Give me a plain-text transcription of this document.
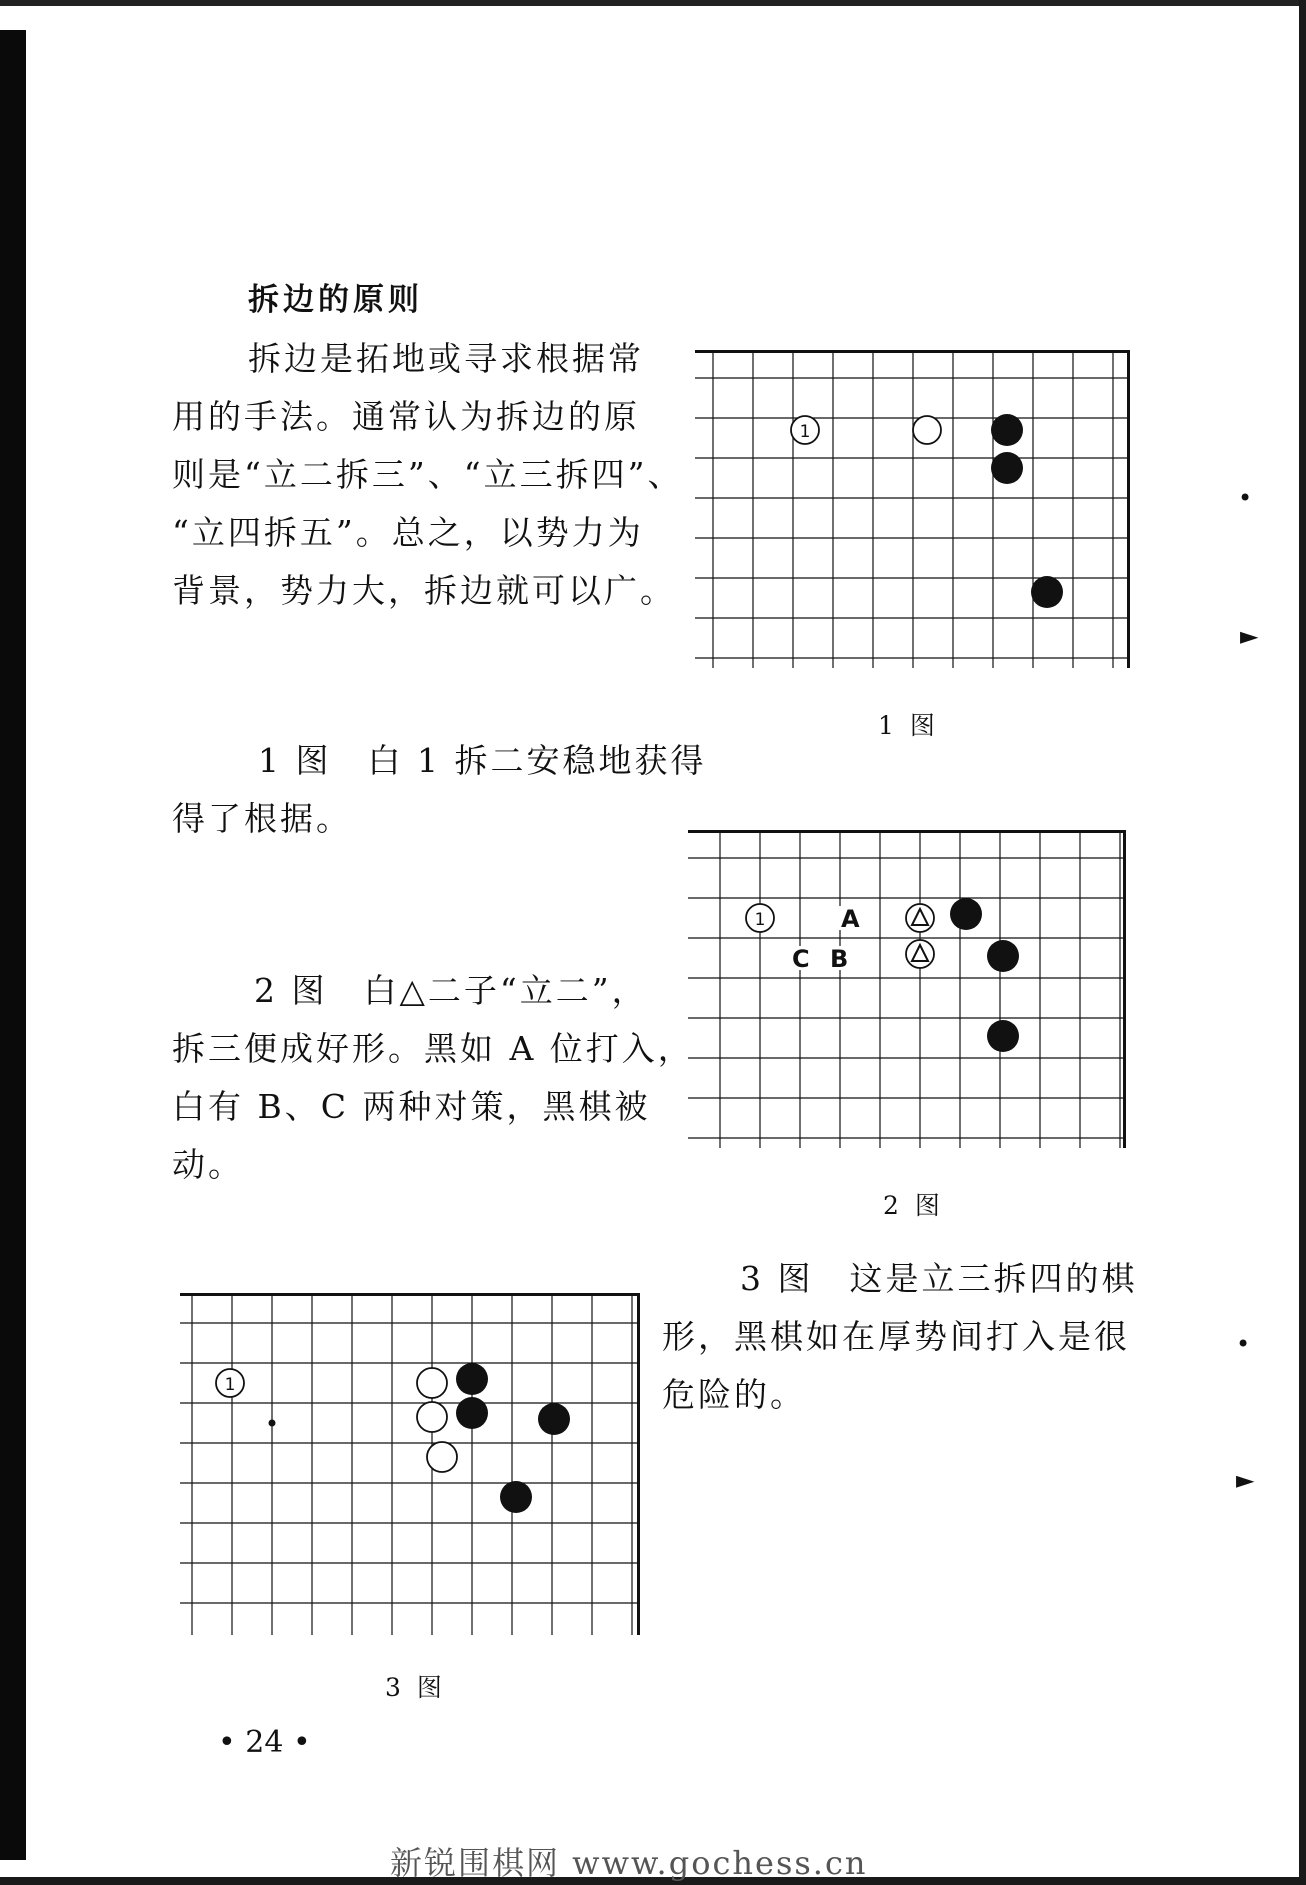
拆边的原则

拆边是拓地或寻求根据常

用的手法。通常认为拆边的原

则是“立二拆三”、“立三拆四”、

“立四拆五”。总之，以势力为

背景，势力大，拆边就可以广。

1
1 图

1 图　白 1 拆二安稳地获得

得了根据。

1	A
C B
2 图

2 图　白△二子“立二”，

拆三便成好形。黑如 A 位打入，

白有 B、C 两种对策，黑棋被

动。

3 图　这是立三拆四的棋

形，黑棋如在厚势间打入是很

危险的。

1
3 图
• 24 •
新锐围棋网 www.gochess.cn
•
►
•
►
